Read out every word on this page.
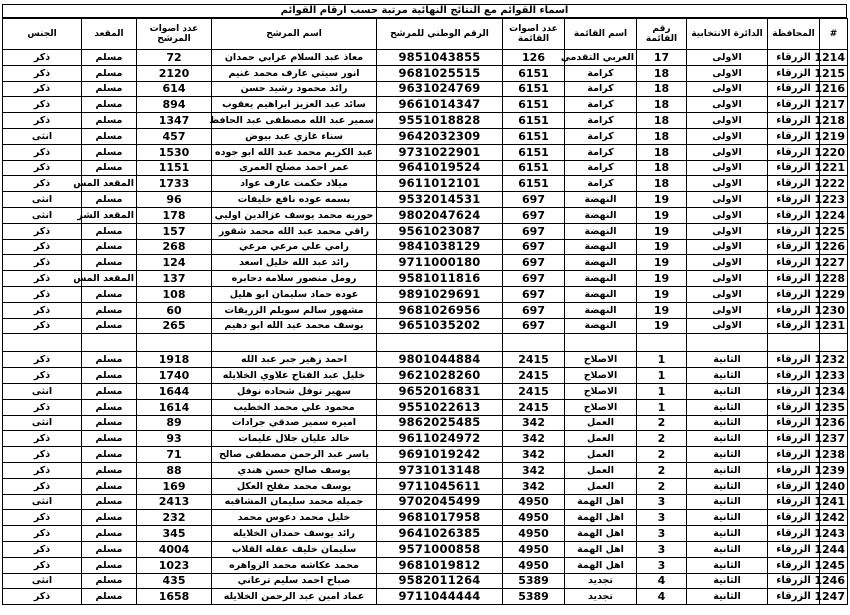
اسماء القوائم مع النتائج النهائية مرتبة حسب ارقام القوائم
#	المحافظة	الدائرة الانتخابية	رقم القائمة	اسم القائمة	عدد اصوات القائمة	الرقم الوطني للمرشح	اسم المرشح	عدد اصوات المرشح	المقعد	الجنس
1214	الزرقاء	الاولى	17	العربي التقدمي	126	9851043855	معاذ عبد السلام عرابي حمدان	72	مسلم	ذكر
1215	الزرقاء	الاولى	18	كرامة	6151	9681025515	انور سيتي عارف محمد غنيم	2120	مسلم	ذكر
1216	الزرقاء	الاولى	18	كرامة	6151	9631024769	رائد محمود رشيد حسن	614	مسلم	ذكر
1217	الزرقاء	الاولى	18	كرامة	6151	9661014347	سائد عبد العزيز ابراهيم يعقوب	894	مسلم	ذكر
1218	الزرقاء	الاولى	18	كرامة	6151	9551018828	سمير عبد الله مصطفى عبد الحافظ	1347	مسلم	ذكر
1219	الزرقاء	الاولى	18	كرامة	6151	9642032309	سناء غازي عبد بيوض	457	مسلم	انثى
1220	الزرقاء	الاولى	18	كرامة	6151	9731022901	عبد الكريم محمد عبد الله ابو جوده	1530	مسلم	ذكر
1221	الزرقاء	الاولى	18	كرامة	6151	9641019524	عمر احمد مصلح العمرى	1151	مسلم	ذكر
1222	الزرقاء	الاولى	18	كرامة	6151	9611012101	ميلاد حكمت عارف عواد	1733	المقعد المس	ذكر
1223	الزرقاء	الاولى	19	النهضة	697	9532014531	بسمه عوده نافع خليفات	96	مسلم	انثى
1224	الزرقاء	الاولى	19	النهضة	697	9802047624	حوريه محمد يوسف عزالدين اوليي	178	المقعد الشر	انثى
1225	الزرقاء	الاولى	19	النهضة	697	9561023087	راقي محمد عبد الله محمد شقور	157	مسلم	ذكر
1226	الزرقاء	الاولى	19	النهضة	697	9841038129	رامي علي مرعي مرعي	268	مسلم	ذكر
1227	الزرقاء	الاولى	19	النهضة	697	9711000180	رائد عبد الله خليل اسعد	124	مسلم	ذكر
1228	الزرقاء	الاولى	19	النهضة	697	9581011816	رومل منصور سلامه دحابره	137	المقعد المس	ذكر
1229	الزرقاء	الاولى	19	النهضة	697	9891029691	عوده حماد سليمان ابو هليل	108	مسلم	ذكر
1230	الزرقاء	الاولى	19	النهضة	697	9681026956	مشهور سالم سويلم الزريقات	60	مسلم	ذكر
1231	الزرقاء	الاولى	19	النهضة	697	9651035202	يوسف محمد عبد الله ابو دهيم	265	مسلم	ذكر

1232	الزرقاء	الثانية	1	الاصلاح	2415	9801044884	احمد زهير جبر عبد الله	1918	مسلم	ذكر
1233	الزرقاء	الثانية	1	الاصلاح	2415	9621028260	خليل عبد الفتاح علاوي الخلايله	1740	مسلم	ذكر
1234	الزرقاء	الثانية	1	الاصلاح	2415	9652016831	سهير نوفل شحاده نوفل	1644	مسلم	انثى
1235	الزرقاء	الثانية	1	الاصلاح	2415	9551022613	محمود علي محمد الخطيب	1614	مسلم	ذكر
1236	الزرقاء	الثانية	2	العمل	342	9862025485	اميره سمير صدقي جرادات	89	مسلم	انثى
1237	الزرقاء	الثانية	2	العمل	342	9611024972	خالد عليان جلال عليمات	93	مسلم	ذكر
1238	الزرقاء	الثانية	2	العمل	342	9691019242	ياسر عبد الرحمن مصطفى صالح	71	مسلم	ذكر
1239	الزرقاء	الثانية	2	العمل	342	9731013148	يوسف صالح حسن هندي	88	مسلم	ذكر
1240	الزرقاء	الثانية	2	العمل	342	9711045611	يوسف محمد مفلح العكل	169	مسلم	ذكر
1241	الزرقاء	الثانية	3	اهل الهمة	4950	9702045499	جميله محمد سليمان المشاقبه	2413	مسلم	انثى
1242	الزرقاء	الثانية	3	اهل الهمة	4950	9681017958	خليل محمد دعوس محمد	232	مسلم	ذكر
1243	الزرقاء	الثانية	3	اهل الهمة	4950	9641026385	رائد يوسف حمدان الخلايله	345	مسلم	ذكر
1244	الزرقاء	الثانية	3	اهل الهمة	4950	9571000858	سليمان خليف عقله القلاب	4004	مسلم	ذكر
1245	الزرقاء	الثانية	3	اهل الهمة	4950	9681019812	محمد عكاشه محمد الزواهره	1023	مسلم	ذكر
1246	الزرقاء	الثانية	4	تجديد	5389	9582011264	صباح احمد سليم ترعاني	435	مسلم	انثى
1247	الزرقاء	الثانية	4	تجديد	5389	9711044444	عماد امين عبد الرحمن الخلايله	1658	مسلم	ذكر
